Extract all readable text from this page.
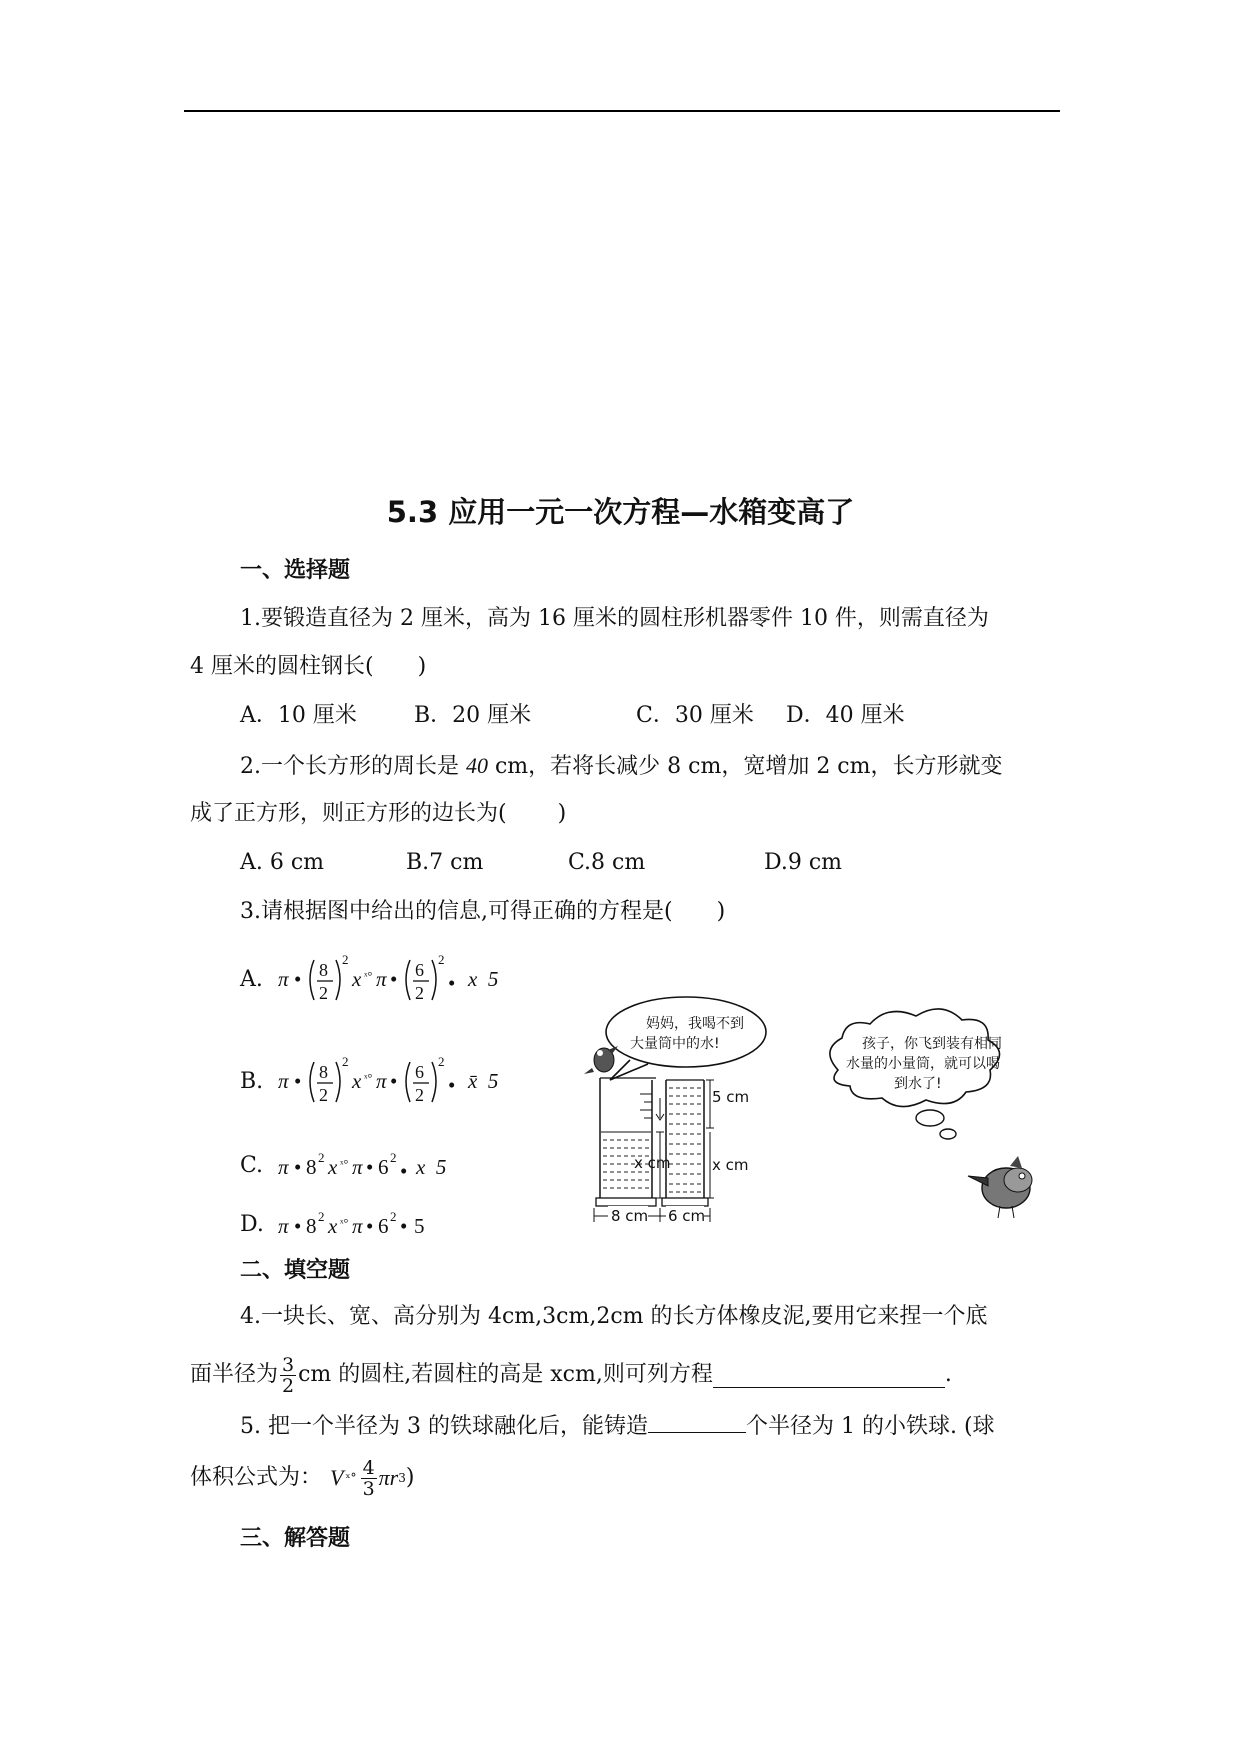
5.3 应用一元一次方程—水箱变高了
一、选择题
1.要锻造直径为 2 厘米，高为 16 厘米的圆柱形机器零件 10 件，则需直径为
4 厘米的圆柱钢长(　　)
A．10 厘米	B．20 厘米	C．30 厘米 D．40 厘米
2.一个长方形的周长是 40 cm，若将长减少 8 cm，宽增加 2 cm，长方形就变
成了正方形，则正方形的边长为(　　 )
A. 6 cm	B.7 cm	C.8 cm	D.9 cm
3.请根据图中给出的信息,可得正确的方程是(　　)
A. π • 8
2
2
x ˣ° π • 6
2
2
• x  5
B. π • 8
2
2
x ˣ° π • 6
2
2
• x̄  5
C. π • 8 2 x ˣ° π • 6 2
• x  5
D. π • 8 2 x ˣ° π • 6 2 • 5
妈妈，我喝不到
大量筒中的水!	孩子，你飞到装有相同
水量的小量筒，就可以喝
到水了!
x cm
8 cm
5 cm
x cm
6 cm
二、填空题
4.一块长、宽、高分别为 4cm,3cm,2cm 的长方体橡皮泥,要用它来捏一个底
面半径为 $\frac{3}{2}$ cm 的圆柱,若圆柱的高是 xcm,则可列方程	.
5. 把一个半径为 3 的铁球融化后，能铸造	个半径为 1 的小铁球. (球
体积公式为： V ˣ° $\frac{4}{3}$ πr 3 )
三、解答题
